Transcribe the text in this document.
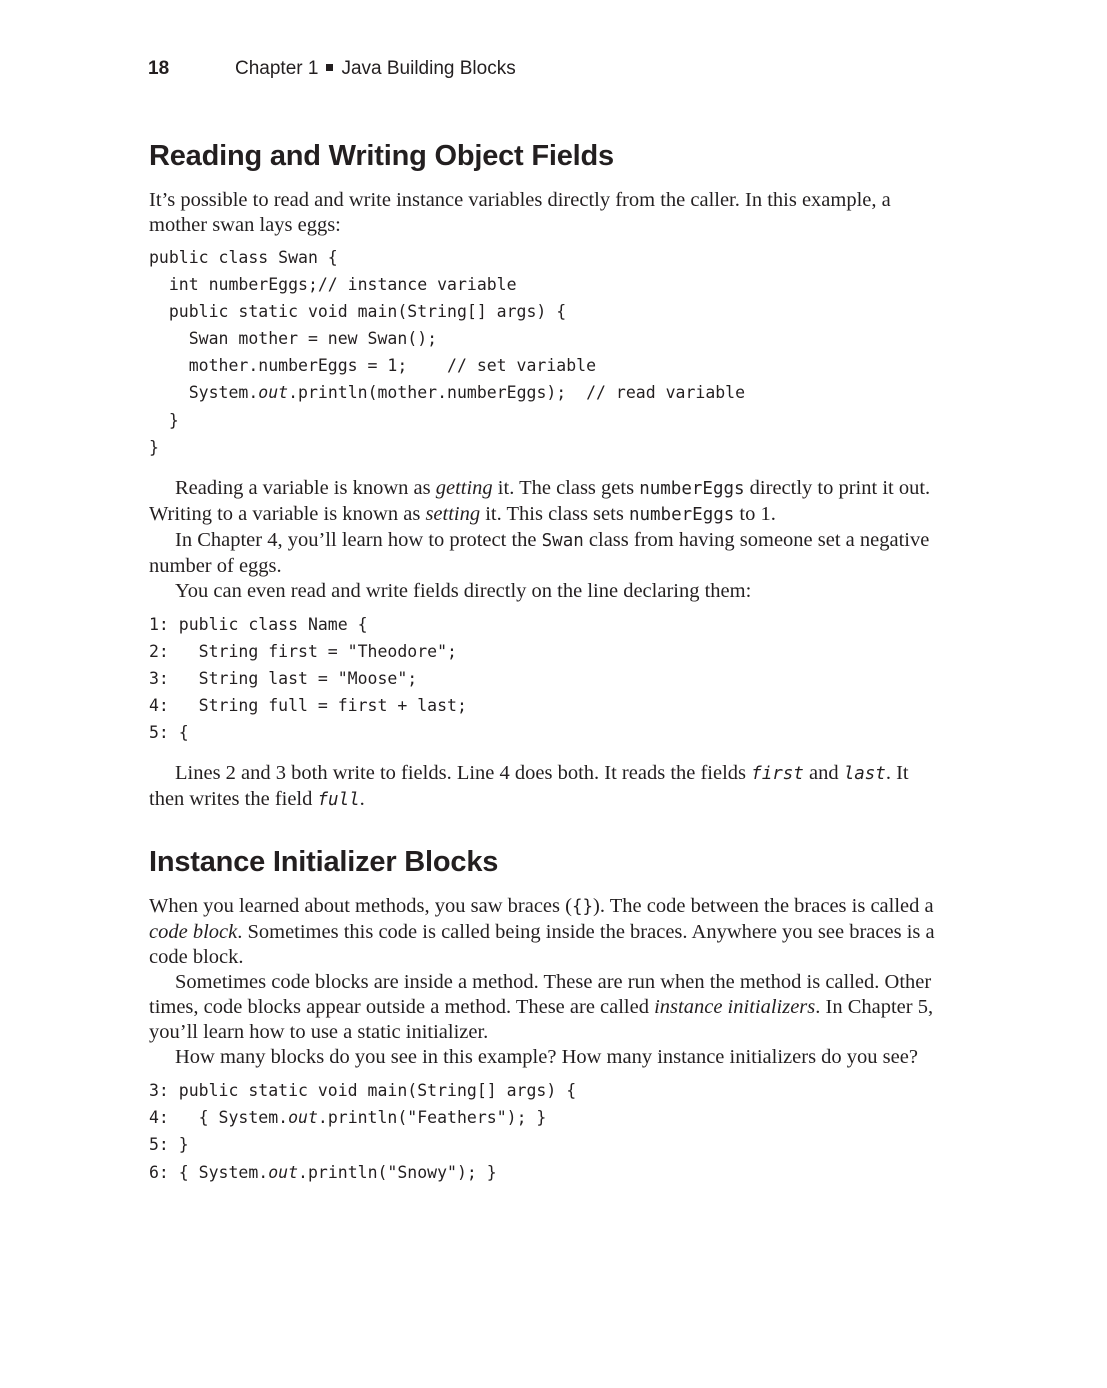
18	Chapter 1 Java Building Blocks
Reading and Writing Object Fields

It’s possible to read and write instance variables directly from the caller. In this example, a mother swan lays eggs:

public class Swan {
int numberEggs;// instance variable
public static void main(String[] args) {
Swan mother = new Swan();
mother.numberEggs = 1;    // set variable
System.out.println(mother.numberEggs);  // read variable
}
}

Reading a variable is known as getting it. The class gets numberEggs directly to print it out. Writing to a variable is known as setting it. This class sets numberEggs to 1.

In Chapter 4, you’ll learn how to protect the Swan class from having someone set a negative number of eggs.

You can even read and write fields directly on the line declaring them:

1: public class Name {
2:   String first = "Theodore";
3:   String last = "Moose";
4:   String full = first + last;
5: {

Lines 2 and 3 both write to fields. Line 4 does both. It reads the fields first and last. It then writes the field full.

Instance Initializer Blocks

When you learned about methods, you saw braces ({}). The code between the braces is called a code block. Sometimes this code is called being inside the braces. Anywhere you see braces is a code block.

Sometimes code blocks are inside a method. These are run when the method is called. Other times, code blocks appear outside a method. These are called instance initializers. In Chapter 5, you’ll learn how to use a static initializer.

How many blocks do you see in this example? How many instance initializers do you see?

3: public static void main(String[] args) {
4:   { System.out.println("Feathers"); }
5: }
6: { System.out.println("Snowy"); }
